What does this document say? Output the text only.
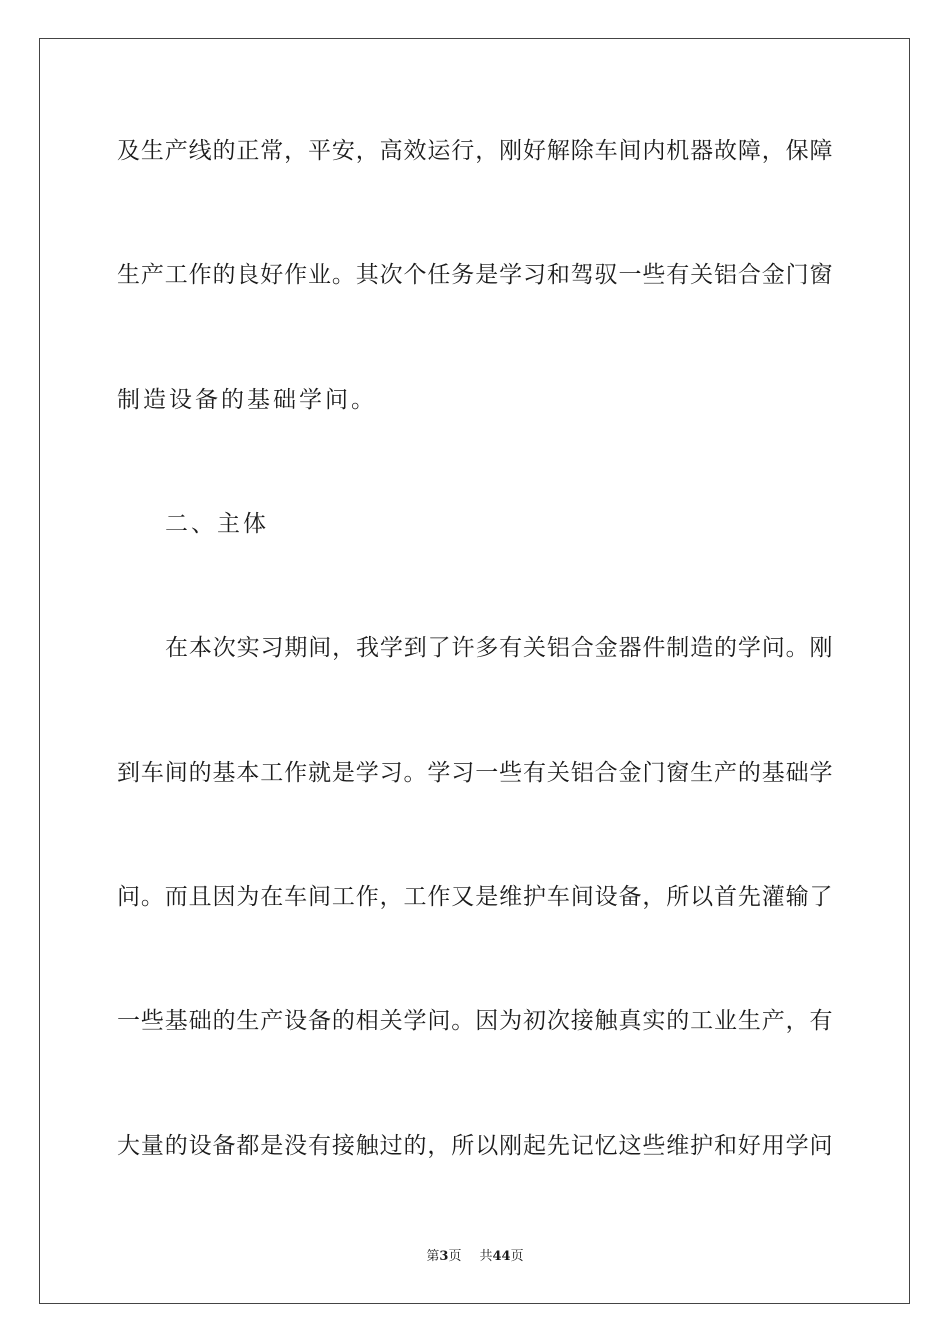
及生产线的正常，平安，高效运行，刚好解除车间内机器故障，保障
生产工作的良好作业。其次个任务是学习和驾驭一些有关铝合金门窗
制造设备的基础学问。
二、主体
在本次实习期间，我学到了许多有关铝合金器件制造的学问。刚
到车间的基本工作就是学习。学习一些有关铝合金门窗生产的基础学
问。而且因为在车间工作，工作又是维护车间设备，所以首先灌输了
一些基础的生产设备的相关学问。因为初次接触真实的工业生产，有
大量的设备都是没有接触过的，所以刚起先记忆这些维护和好用学问
第3页 共44页
